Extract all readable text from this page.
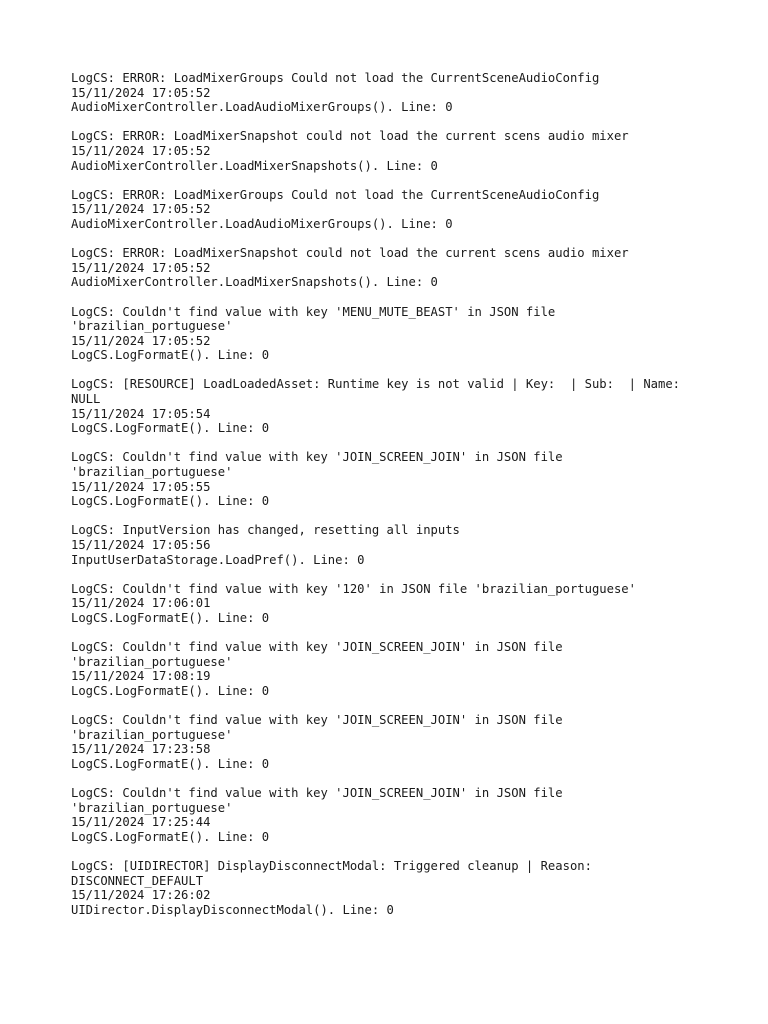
LogCS: ERROR: LoadMixerGroups Could not load the CurrentSceneAudioConfig
15/11/2024 17:05:52
AudioMixerController.LoadAudioMixerGroups(). Line: 0
LogCS: ERROR: LoadMixerSnapshot could not load the current scens audio mixer
15/11/2024 17:05:52
AudioMixerController.LoadMixerSnapshots(). Line: 0
LogCS: ERROR: LoadMixerGroups Could not load the CurrentSceneAudioConfig
15/11/2024 17:05:52
AudioMixerController.LoadAudioMixerGroups(). Line: 0
LogCS: ERROR: LoadMixerSnapshot could not load the current scens audio mixer
15/11/2024 17:05:52
AudioMixerController.LoadMixerSnapshots(). Line: 0
LogCS: Couldn't find value with key 'MENU_MUTE_BEAST' in JSON file
'brazilian_portuguese'
15/11/2024 17:05:52
LogCS.LogFormatE(). Line: 0
LogCS: [RESOURCE] LoadLoadedAsset: Runtime key is not valid | Key:  | Sub:  | Name:
NULL
15/11/2024 17:05:54
LogCS.LogFormatE(). Line: 0
LogCS: Couldn't find value with key 'JOIN_SCREEN_JOIN' in JSON file
'brazilian_portuguese'
15/11/2024 17:05:55
LogCS.LogFormatE(). Line: 0
LogCS: InputVersion has changed, resetting all inputs
15/11/2024 17:05:56
InputUserDataStorage.LoadPref(). Line: 0
LogCS: Couldn't find value with key '120' in JSON file 'brazilian_portuguese'
15/11/2024 17:06:01
LogCS.LogFormatE(). Line: 0
LogCS: Couldn't find value with key 'JOIN_SCREEN_JOIN' in JSON file
'brazilian_portuguese'
15/11/2024 17:08:19
LogCS.LogFormatE(). Line: 0
LogCS: Couldn't find value with key 'JOIN_SCREEN_JOIN' in JSON file
'brazilian_portuguese'
15/11/2024 17:23:58
LogCS.LogFormatE(). Line: 0
LogCS: Couldn't find value with key 'JOIN_SCREEN_JOIN' in JSON file
'brazilian_portuguese'
15/11/2024 17:25:44
LogCS.LogFormatE(). Line: 0
LogCS: [UIDIRECTOR] DisplayDisconnectModal: Triggered cleanup | Reason:
DISCONNECT_DEFAULT
15/11/2024 17:26:02
UIDirector.DisplayDisconnectModal(). Line: 0
